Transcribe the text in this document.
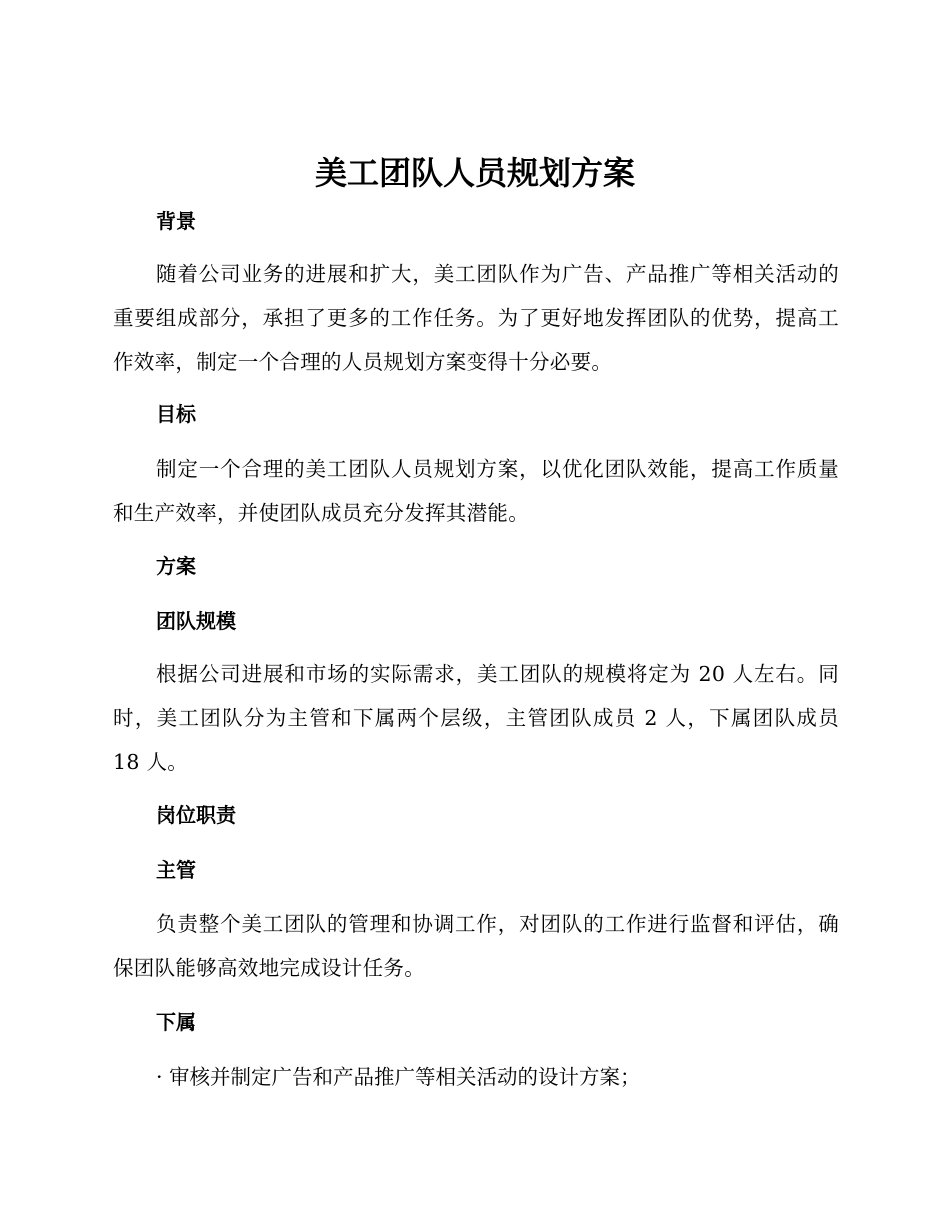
美工团队人员规划方案
背景

随着公司业务的进展和扩大，美工团队作为广告、产品推广等相关活动的重要组成部分，承担了更多的工作任务。为了更好地发挥团队的优势，提高工作效率，制定一个合理的人员规划方案变得十分必要。

目标

制定一个合理的美工团队人员规划方案，以优化团队效能，提高工作质量和生产效率，并使团队成员充分发挥其潜能。

方案
团队规模

根据公司进展和市场的实际需求，美工团队的规模将定为 20 人左右。同时，美工团队分为主管和下属两个层级，主管团队成员 2 人，下属团队成员 18 人。

岗位职责
主管

负责整个美工团队的管理和协调工作，对团队的工作进行监督和评估，确保团队能够高效地完成设计任务。

下属

· 审核并制定广告和产品推广等相关活动的设计方案；
